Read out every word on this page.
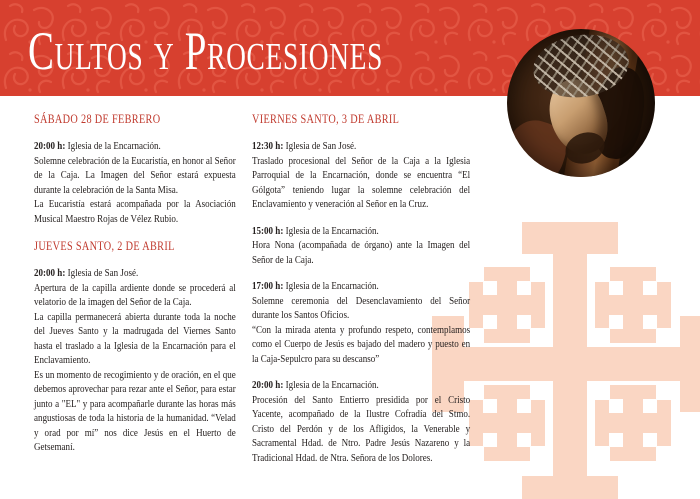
Cultos y Procesiones
SÁBADO 28 DE FEBRERO

20:00 h: Iglesia de la Encarnación.

Solemne celebración de la Eucaristía, en honor al Señor de la Caja. La Imagen del Señor estará expuesta durante la celebración de la Santa Misa.

La Eucaristía estará acompañada por la Asociación Musical Maestro Rojas de Vélez Rubio.

JUEVES SANTO, 2 DE ABRIL

20:00 h: Iglesia de San José.

Apertura de la capilla ardiente donde se procederá al velatorio de la imagen del Señor de la Caja.

La capilla permanecerá abierta durante toda la noche del Jueves Santo y la madrugada del Viernes Santo hasta el traslado a la Iglesia de la Encarnación para el Enclavamiento.

Es un momento de recogimiento y de oración, en el que debemos aprovechar para rezar ante el Señor, para estar junto a "EL" y para acompañarle durante las horas más angustiosas de toda la historia de la humanidad. “Velad y orad por mí” nos dice Jesús en el Huerto de Getsemaní.

VIERNES SANTO, 3 DE ABRIL

12:30 h: Iglesia de San José.

Traslado procesional del Señor de la Caja a la Iglesia Parroquial de la Encarnación, donde se encuentra “El Gólgota” teniendo lugar la solemne celebración del Enclavamiento y veneración al Señor en la Cruz.

15:00 h: Iglesia de la Encarnación.

Hora Nona (acompañada de órgano) ante la Imagen del Señor de la Caja.

17:00 h: Iglesia de la Encarnación.

Solemne ceremonia del Desenclavamiento del Señor durante los Santos Oficios.

“Con la mirada atenta y profundo respeto, contemplamos como el Cuerpo de Jesús es bajado del madero y puesto en la Caja-Sepulcro para su descanso”

20:00 h: Iglesia de la Encarnación.

Procesión del Santo Entierro presidida por el Cristo Yacente, acompañado de la Ilustre Cofradía del Stmo. Cristo del Perdón y de los Afligidos, la Venerable y Sacramental Hdad. de Ntro. Padre Jesús Nazareno y la Tradicional Hdad. de Ntra. Señora de los Dolores.
